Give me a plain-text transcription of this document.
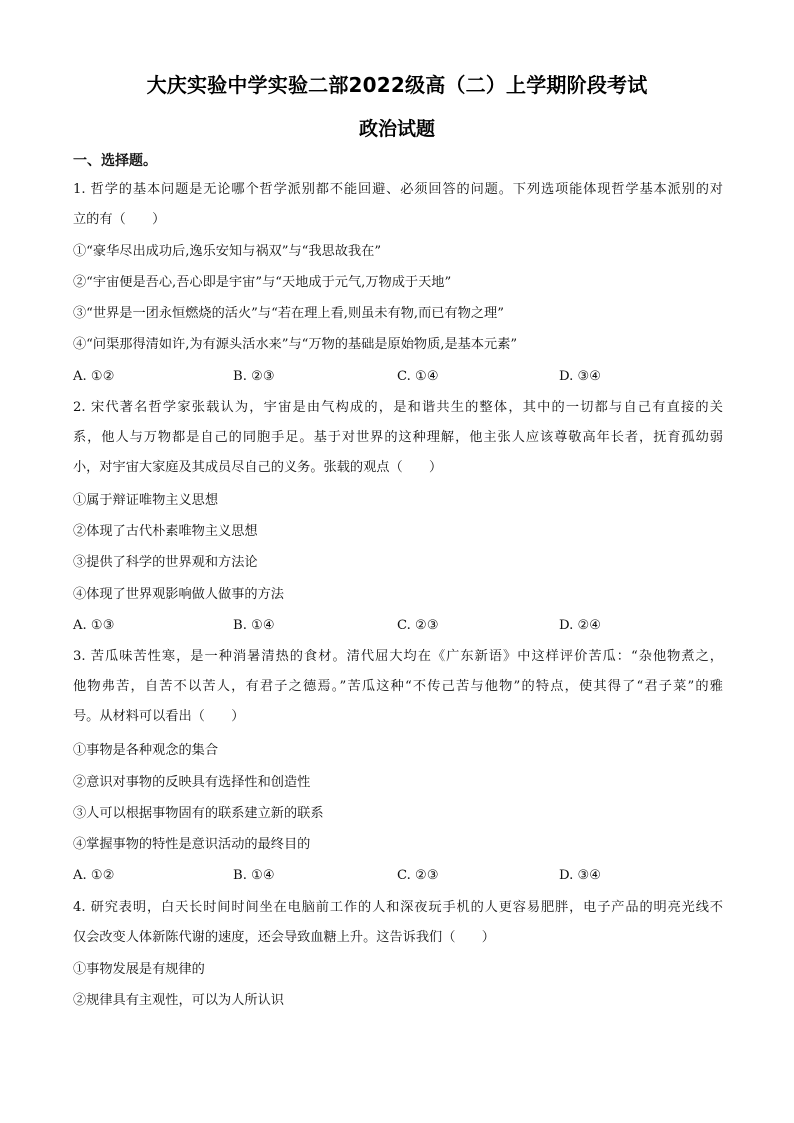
大庆实验中学实验二部2022级高（二）上学期阶段考试
政治试题
一、选择题。
1. 哲学的基本问题是无论哪个哲学派别都不能回避、必须回答的问题。下列选项能体现哲学基本派别的对
立的有（　　）
①“豪华尽出成功后,逸乐安知与祸双”与“我思故我在”
②“宇宙便是吾心,吾心即是宇宙”与“天地成于元气,万物成于天地”
③“世界是一团永恒燃烧的活火”与“若在理上看,则虽未有物,而已有物之理”
④“问渠那得清如许,为有源头活水来”与“万物的基础是原始物质,是基本元素”
A. ①②	B. ②③	C. ①④	D. ③④
2. 宋代著名哲学家张载认为，宇宙是由气构成的，是和谐共生的整体，其中的一切都与自己有直接的关
系，他人与万物都是自己的同胞手足。基于对世界的这种理解，他主张人应该尊敬高年长者，抚育孤幼弱
小，对宇宙大家庭及其成员尽自己的义务。张载的观点（　　）
①属于辩证唯物主义思想
②体现了古代朴素唯物主义思想
③提供了科学的世界观和方法论
④体现了世界观影响做人做事的方法
A. ①③	B. ①④	C. ②③	D. ②④
3. 苦瓜味苦性寒，是一种消暑清热的食材。清代屈大均在《广东新语》中这样评价苦瓜：“杂他物煮之，
他物弗苦，自苦不以苦人，有君子之德焉。”苦瓜这种“不传己苦与他物”的特点，使其得了“君子菜”的雅
号。从材料可以看出（　　）
①事物是各种观念的集合
②意识对事物的反映具有选择性和创造性
③人可以根据事物固有的联系建立新的联系
④掌握事物的特性是意识活动的最终目的
A. ①②	B. ①④	C. ②③	D. ③④
4. 研究表明，白天长时间时间坐在电脑前工作的人和深夜玩手机的人更容易肥胖，电子产品的明亮光线不
仅会改变人体新陈代谢的速度，还会导致血糖上升。这告诉我们（　　）
①事物发展是有规律的
②规律具有主观性，可以为人所认识
